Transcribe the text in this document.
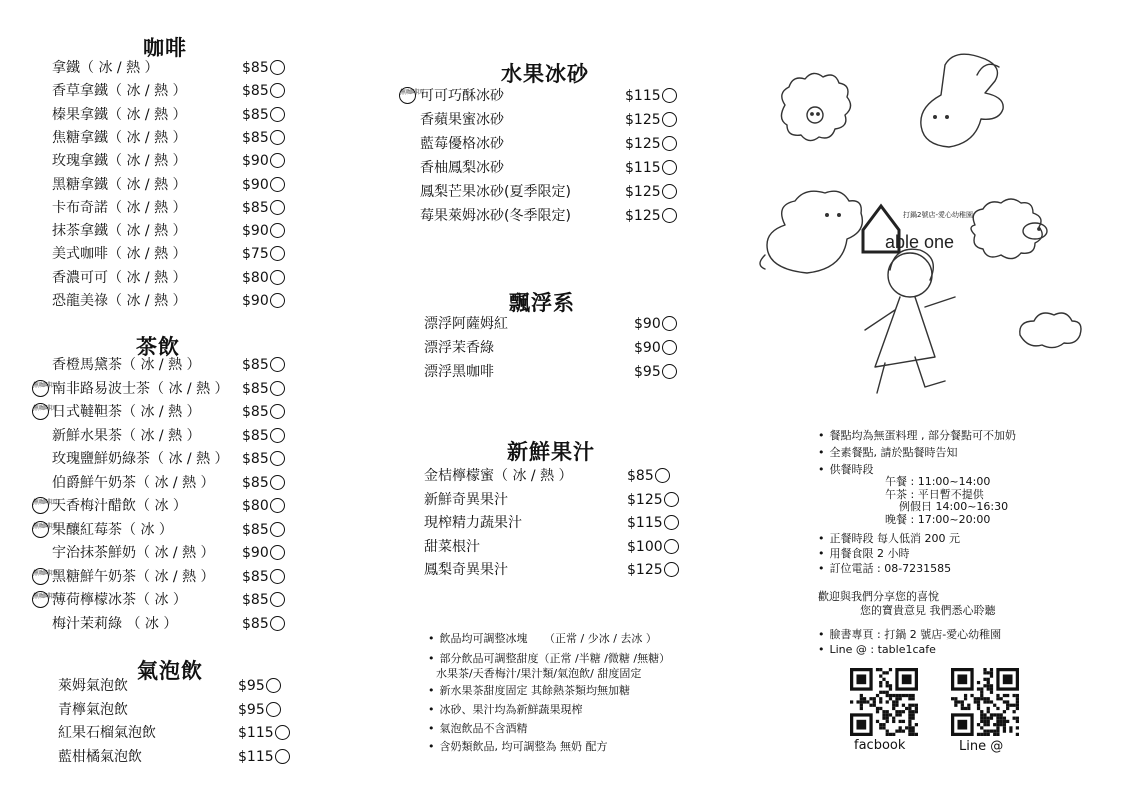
咖啡
拿鐵（ 冰 / 熱 ）	$85
香草拿鐵（ 冰 / 熱 ）	$85
榛果拿鐵（ 冰 / 熱 ）	$85
焦糖拿鐵（ 冰 / 熱 ）	$85
玫瑰拿鐵（ 冰 / 熱 ）	$90
黑糖拿鐵（ 冰 / 熱 ）	$90
卡布奇諾（ 冰 / 熱 ）	$85
抹茶拿鐵（ 冰 / 熱 ）	$90
美式咖啡（ 冰 / 熱 ）	$75
香濃可可（ 冰 / 熱 ）	$80
恐龍美祿（ 冰 / 熱 ）	$90
茶飲
香橙馬黛茶（ 冰 / 熱 ）	$85
無咖啡因
南非路易波士茶（ 冰 / 熱 ） $85
無咖啡因
日式韃靼茶（ 冰 / 熱 ）	$85
新鮮水果茶（ 冰 / 熱 ）	$85
玫瑰鹽鮮奶綠茶（ 冰 / 熱 ） $85
伯爵鮮午奶茶（ 冰 / 熱 ） $85
無咖啡因
天香梅汁醋飲（ 冰 ）	$80
無咖啡因
果釀紅莓茶（ 冰 ）	$85
宇治抹茶鮮奶（ 冰 / 熱 ） $90
無咖啡因
黑糖鮮午奶茶（ 冰 / 熱 ） $85
無咖啡因
薄荷檸檬冰茶（ 冰 ）	$85
梅汁茉莉綠 （ 冰 ）	$85
氣泡飲
萊姆氣泡飲	$95
青檸氣泡飲	$95
紅果石榴氣泡飲	$115
藍柑橘氣泡飲	$115
水果冰砂
無咖啡因
可可巧酥冰砂	$115
香蘋果蜜冰砂	$125
藍莓優格冰砂	$125
香柚鳳梨冰砂	$115
鳳梨芒果冰砂(夏季限定)	$125
莓果萊姆冰砂(冬季限定)	$125
飄浮系
漂浮阿薩姆紅	$90
漂浮茉香綠	$90
漂浮黑咖啡	$95
新鮮果汁
金桔檸檬蜜（ 冰 / 熱 ）	$85
新鮮奇異果汁	$125
現榨精力蔬果汁	$115
甜菜根汁	$100
鳳梨奇異果汁	$125
• 飲品均可調整冰塊　　（正常 / 少冰 / 去冰 ）
• 部分飲品可調整甜度（正常 /半糖 /微糖 /無糖）
水果茶/天香梅汁/果汁類/氣泡飲/ 甜度固定
• 新水果茶甜度固定 其餘熱茶類均無加糖
• 冰砂、果汁均為新鮮蔬果現榨
• 氣泡飲品不含酒精
• 含奶類飲品, 均可調整為 無奶 配方
able one
打鍋2號店-愛心幼稚園
• 餐點均為無蛋料理 , 部分餐點可不加奶
• 全素餐點, 請於點餐時告知
• 供餐時段
午餐 : 11:00~14:00
午茶 : 平日暫不提供
例假日 14:00~16:30
晚餐 : 17:00~20:00
• 正餐時段 每人低消 200 元
• 用餐食限 2 小時
• 訂位電話 : 08-7231585
歡迎與我們分享您的喜悅
您的寶貴意見 我們悉心聆聽
• 臉書專頁 : 打鍋 2 號店-愛心幼稚園
• Line @ : table1cafe
facbook	Line @
